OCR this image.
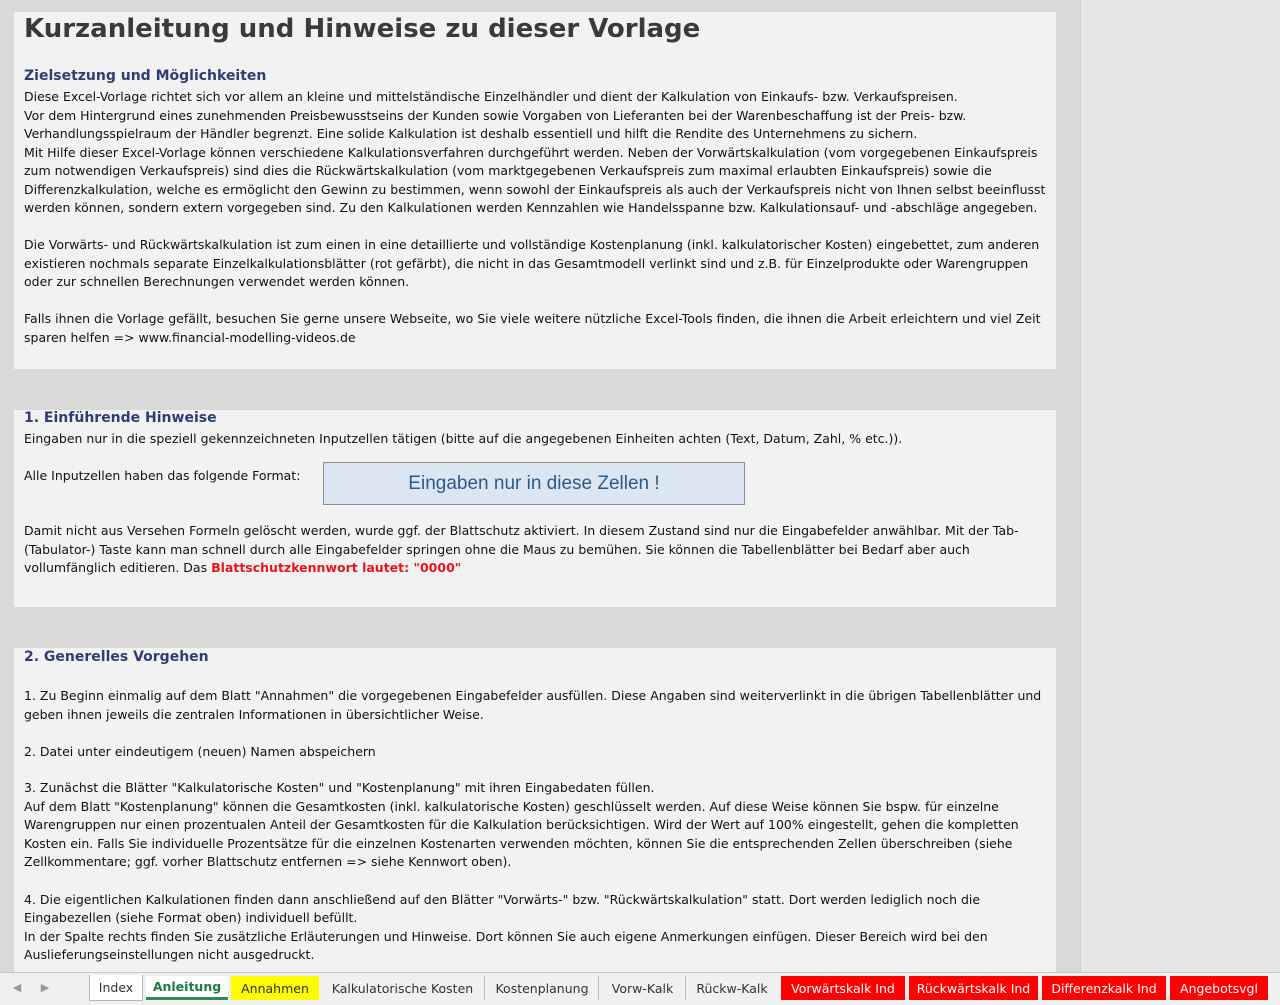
Kurzanleitung und Hinweise zu dieser Vorlage
Zielsetzung und Möglichkeiten
Diese Excel-Vorlage richtet sich vor allem an kleine und mittelständische Einzelhändler und dient der Kalkulation von Einkaufs- bzw. Verkaufspreisen.
Vor dem Hintergrund eines zunehmenden Preisbewusstseins der Kunden sowie Vorgaben von Lieferanten bei der Warenbeschaffung ist der Preis- bzw.
Verhandlungsspielraum der Händler begrenzt. Eine solide Kalkulation ist deshalb essentiell und hilft die Rendite des Unternehmens zu sichern.
Mit Hilfe dieser Excel-Vorlage können verschiedene Kalkulationsverfahren durchgeführt werden. Neben der Vorwärtskalkulation (vom vorgegebenen Einkaufspreis
zum notwendigen Verkaufspreis) sind dies die Rückwärtskalkulation (vom marktgegebenen Verkaufspreis zum maximal erlaubten Einkaufspreis) sowie die
Differenzkalkulation, welche es ermöglicht den Gewinn zu bestimmen, wenn sowohl der Einkaufspreis als auch der Verkaufspreis nicht von Ihnen selbst beeinflusst
werden können, sondern extern vorgegeben sind. Zu den Kalkulationen werden Kennzahlen wie Handelsspanne bzw. Kalkulationsauf- und -abschläge angegeben.
Die Vorwärts- und Rückwärtskalkulation ist zum einen in eine detaillierte und vollständige Kostenplanung (inkl. kalkulatorischer Kosten) eingebettet, zum anderen
existieren nochmals separate Einzelkalkulationsblätter (rot gefärbt), die nicht in das Gesamtmodell verlinkt sind und z.B. für Einzelprodukte oder Warengruppen
oder zur schnellen Berechnungen verwendet werden können.
Falls ihnen die Vorlage gefällt, besuchen Sie gerne unsere Webseite, wo Sie viele weitere nützliche Excel-Tools finden, die ihnen die Arbeit erleichtern und viel Zeit
sparen helfen => www.financial-modelling-videos.de
1. Einführende Hinweise
Eingaben nur in die speziell gekennzeichneten Inputzellen tätigen (bitte auf die angegebenen Einheiten achten (Text, Datum, Zahl, % etc.)).
Alle Inputzellen haben das folgende Format:	Eingaben nur in diese Zellen !
Damit nicht aus Versehen Formeln gelöscht werden, wurde ggf. der Blattschutz aktiviert. In diesem Zustand sind nur die Eingabefelder anwählbar. Mit der Tab-
(Tabulator-) Taste kann man schnell durch alle Eingabefelder springen ohne die Maus zu bemühen. Sie können die Tabellenblätter bei Bedarf aber auch
vollumfänglich editieren. Das Blattschutzkennwort lautet: "0000"
2. Generelles Vorgehen
1. Zu Beginn einmalig auf dem Blatt "Annahmen" die vorgegebenen Eingabefelder ausfüllen. Diese Angaben sind weiterverlinkt in die übrigen Tabellenblätter und
geben ihnen jeweils die zentralen Informationen in übersichtlicher Weise.
2. Datei unter eindeutigem (neuen) Namen abspeichern
3. Zunächst die Blätter "Kalkulatorische Kosten" und "Kostenplanung" mit ihren Eingabedaten füllen.
Auf dem Blatt "Kostenplanung" können die Gesamtkosten (inkl. kalkulatorische Kosten) geschlüsselt werden. Auf diese Weise können Sie bspw. für einzelne
Warengruppen nur einen prozentualen Anteil der Gesamtkosten für die Kalkulation berücksichtigen. Wird der Wert auf 100% eingestellt, gehen die kompletten
Kosten ein. Falls Sie individuelle Prozentsätze für die einzelnen Kostenarten verwenden möchten, können Sie die entsprechenden Zellen überschreiben (siehe
Zellkommentare; ggf. vorher Blattschutz entfernen => siehe Kennwort oben).
4. Die eigentlichen Kalkulationen finden dann anschließend auf den Blätter "Vorwärts-" bzw. "Rückwärtskalkulation" statt. Dort werden lediglich noch die
Eingabezellen (siehe Format oben) individuell befüllt.
In der Spalte rechts finden Sie zusätzliche Erläuterungen und Hinweise. Dort können Sie auch eigene Anmerkungen einfügen. Dieser Bereich wird bei den
Auslieferungseinstellungen nicht ausgedruckt.
◀ ▶	Index	Anleitung	Annahmen	Kalkulatorische Kosten	Kostenplanung	Vorw-Kalk	Rückw-Kalk	Vorwärtskalk Ind	Rückwärtskalk Ind	Differenzkalk Ind	Angebotsvgl
